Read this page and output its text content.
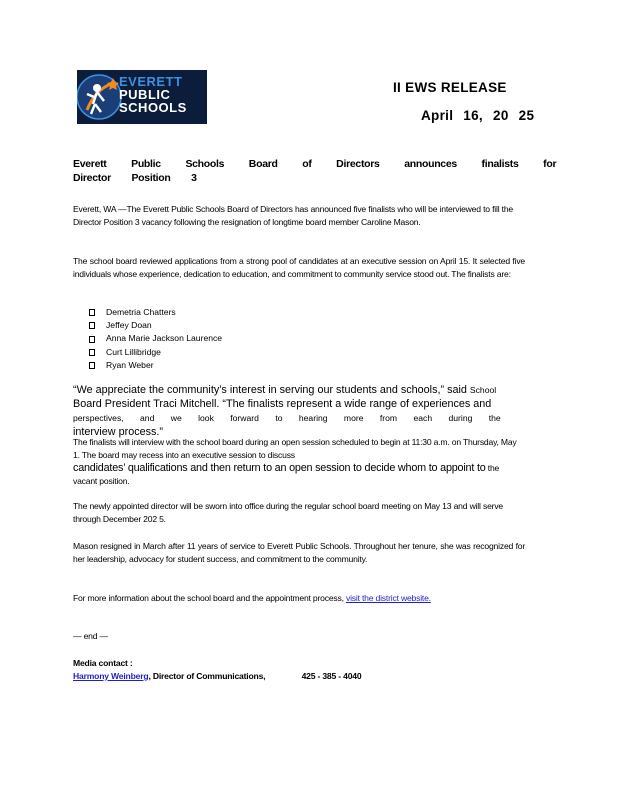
EVERETT
PUBLIC
SCHOOLS
II EWS RELEASE
April 16, 20 25
Everett Public Schools Board of Directors announces finalists for
Director Position 3
Everett, WA —The Everett Public Schools Board of Directors has announced five finalists who will be interviewed to fill the Director Position 3 vacancy following the resignation of longtime board member Caroline Mason.
The school board reviewed applications from a strong pool of candidates at an executive session on April 15. It selected five individuals whose experience, dedication to education, and commitment to community service stood out. The finalists are:
Demetria Chatters
Jeffey Doan
Anna Marie Jackson Laurence
Curt Lillibridge
Ryan Weber
“We appreciate the community’s interest in serving our students and schools,” said School
Board President Traci Mitchell. “The finalists represent a wide range of experiences and
perspectives, and we look forward to hearing more from each during the interview process.”
The finalists will interview with the school board during an open session scheduled to begin at 11:30 a.m. on Thursday, May 1. The board may recess into an executive session to discuss
candidates’ qualifications and then return to an open session to decide whom to appoint to the
vacant position.
The newly appointed director will be sworn into office during the regular school board meeting on May 13 and will serve through December 202 5.
Mason resigned in March after 11 years of service to Everett Public Schools. Throughout her tenure, she was recognized for her leadership, advocacy for student success, and commitment to the community.
For more information about the school board and the appointment process, visit the district website.
— end —
Media contact :
Harmony Weinberg, Director of Communications,	425 - 385 - 4040
